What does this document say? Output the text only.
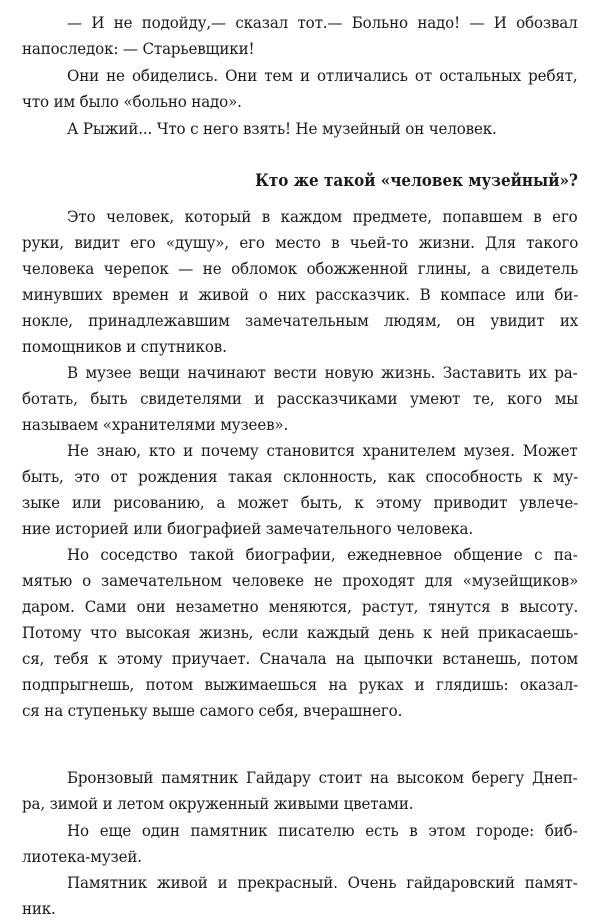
— И не подойду,— сказал тот.— Больно надо! — И обозвал
напоследок: — Старьевщики!
Они не обиделись. Они тем и отличались от остальных ребят,
что им было «больно надо».
А Рыжий... Что с него взять! Не музейный он человек.
Кто же такой «человек музейный»?
Это человек, который в каждом предмете, попавшем в его
руки, видит его «душу», его место в чьей-то жизни. Для такого
человека черепок — не обломок обожженной глины, а свидетель
минувших времен и живой о них рассказчик. В компасе или би-
нокле, принадлежавшим замечательным людям, он увидит их
помощников и спутников.
В музее вещи начинают вести новую жизнь. Заставить их ра-
ботать, быть свидетелями и рассказчиками умеют те, кого мы
называем «хранителями музеев».
Не знаю, кто и почему становится хранителем музея. Может
быть, это от рождения такая склонность, как способность к му-
зыке или рисованию, а может быть, к этому приводит увлече-
ние историей или биографией замечательного человека.
Но соседство такой биографии, ежедневное общение с па-
мятью о замечательном человеке не проходят для «музейщиков»
даром. Сами они незаметно меняются, растут, тянутся в высоту.
Потому что высокая жизнь, если каждый день к ней прикасаешь-
ся, тебя к этому приучает. Сначала на цыпочки встанешь, потом
подпрыгнешь, потом выжимаешься на руках и глядишь: оказал-
ся на ступеньку выше самого себя, вчерашнего.
Бронзовый памятник Гайдару стоит на высоком берегу Днеп-
ра, зимой и летом окруженный живыми цветами.
Но еще один памятник писателю есть в этом городе: биб-
лиотека-музей.
Памятник живой и прекрасный. Очень гайдаровский памят-
ник.
